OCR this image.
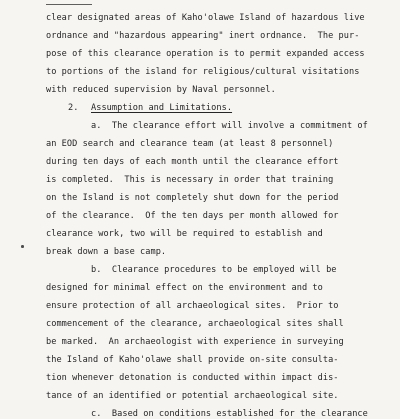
clear designated areas of Kaho'olawe Island of hazardous live
ordnance and "hazardous appearing" inert ordnance.  The pur-
pose of this clearance operation is to permit expanded access
to portions of the island for religious/cultural visitations
with reduced supervision by Naval personnel.
2. Assumption and Limitations.
a.  The clearance effort will involve a commitment of
an EOD search and clearance team (at least 8 personnel)
during ten days of each month until the clearance effort
is completed.  This is necessary in order that training
on the Island is not completely shut down for the period
of the clearance.  Of the ten days per month allowed for
clearance work, two will be required to establish and
break down a base camp.
b.  Clearance procedures to be employed will be
designed for minimal effect on the environment and to
ensure protection of all archaeological sites.  Prior to
commencement of the clearance, archaeological sites shall
be marked.  An archaeologist with experience in surveying
the Island of Kaho'olawe shall provide on-site consulta-
tion whenever detonation is conducted within impact dis-
tance of an identified or potential archaeological site.
c.  Based on conditions established for the clearance
